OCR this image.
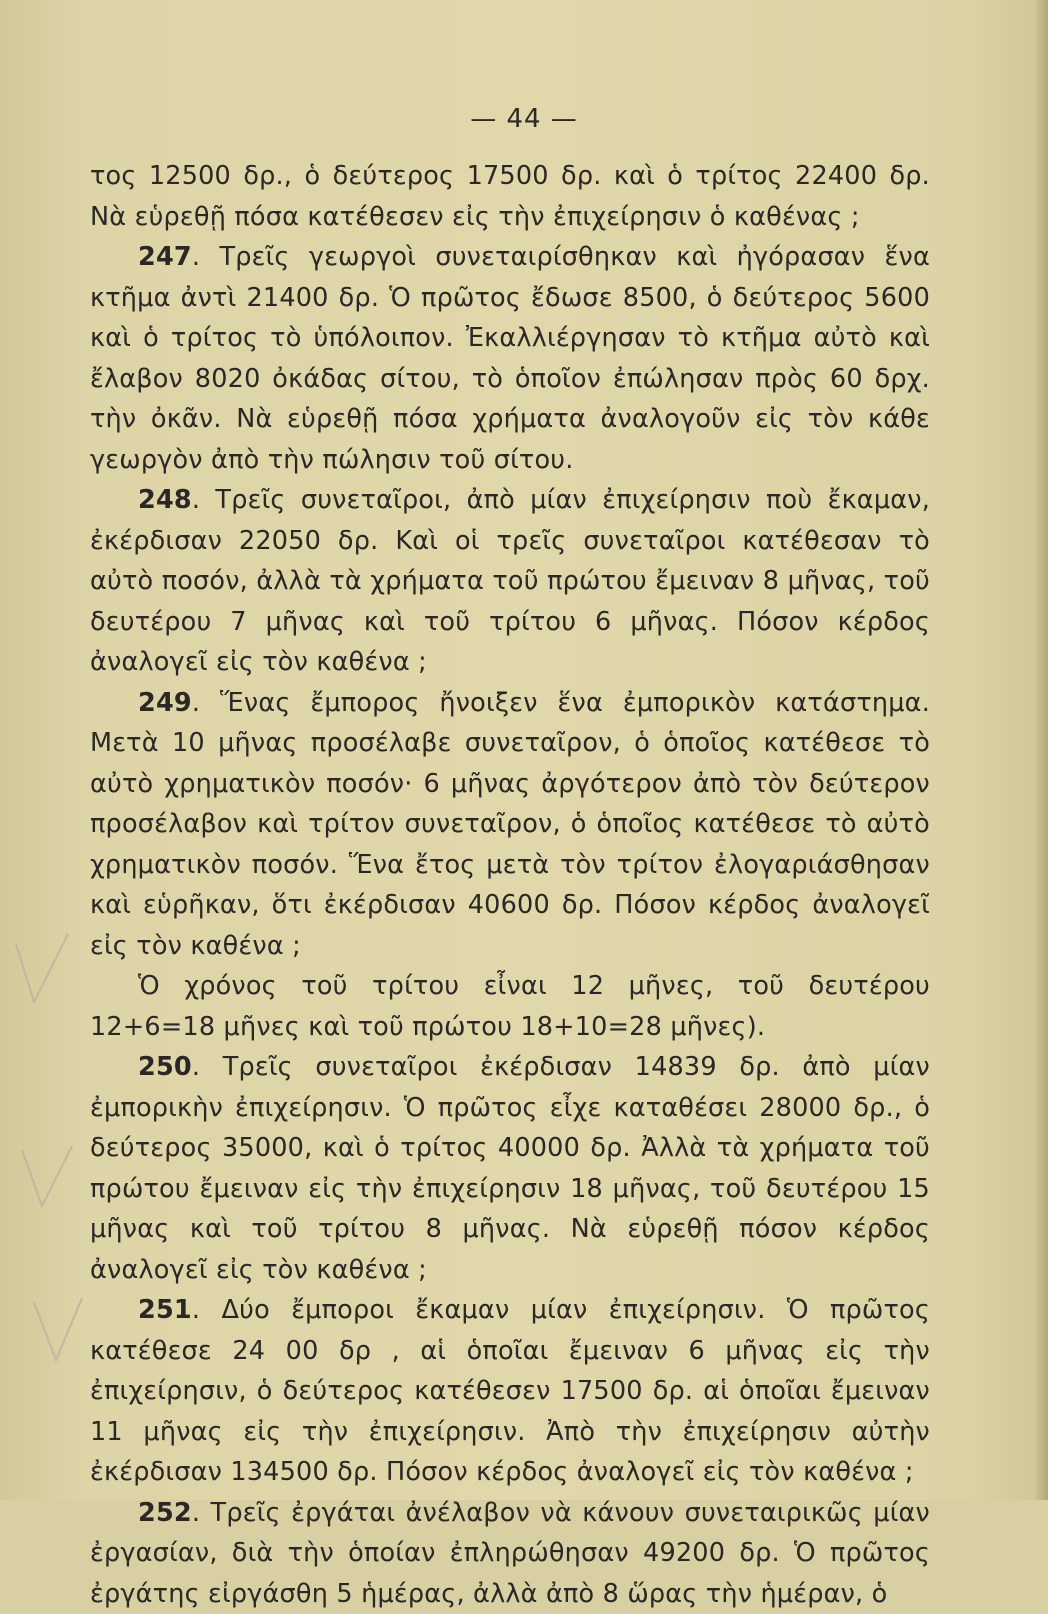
— 44 —

τος 12500 δρ., ὁ δεύτερος 17500 δρ. καὶ ὁ τρίτος 22400 δρ. Νὰ εὑρεθῇ πόσα κατέθεσεν εἰς τὴν ἐπιχείρησιν ὁ καθένας ;

247. Τρεῖς γεωργοὶ συνεταιρίσθηκαν καὶ ἠγόρασαν ἕνα κτῆμα ἀντὶ 21400 δρ. Ὁ πρῶτος ἔδωσε 8500, ὁ δεύτερος 5600 καὶ ὁ τρίτος τὸ ὑπόλοιπον. Ἐκαλλιέργησαν τὸ κτῆμα αὐτὸ καὶ ἔλαβον 8020 ὀκάδας σίτου, τὸ ὁποῖον ἐπώλησαν πρὸς 60 δρχ. τὴν ὀκᾶν. Νὰ εὑρεθῇ πόσα χρήματα ἀναλογοῦν εἰς τὸν κάθε γεωργὸν ἀπὸ τὴν πώλησιν τοῦ σίτου.

248. Τρεῖς συνεταῖροι, ἀπὸ μίαν ἐπιχείρησιν ποὺ ἔκαμαν, ἐκέρδισαν 22050 δρ. Καὶ οἱ τρεῖς συνεταῖροι κατέθεσαν τὸ αὐτὸ ποσόν, ἀλλὰ τὰ χρήματα τοῦ πρώτου ἔμειναν 8 μῆνας, τοῦ δευτέρου 7 μῆνας καὶ τοῦ τρίτου 6 μῆνας. Πόσον κέρδος ἀναλογεῖ εἰς τὸν καθένα ;

249. Ἕνας ἔμπορος ἤνοιξεν ἕνα ἐμπορικὸν κατάστημα. Μετὰ 10 μῆνας προσέλαβε συνεταῖρον, ὁ ὁποῖος κατέθεσε τὸ αὐτὸ χρηματικὸν ποσόν· 6 μῆνας ἀργότερον ἀπὸ τὸν δεύτερον προσέλαβον καὶ τρίτον συνεταῖρον, ὁ ὁποῖος κατέθεσε τὸ αὐτὸ χρηματικὸν ποσόν. Ἕνα ἔτος μετὰ τὸν τρίτον ἐλογαριάσθησαν καὶ εὑρῆκαν, ὅτι ἐκέρδισαν 40600 δρ. Πόσον κέρδος ἀναλογεῖ εἰς τὸν καθένα ;

Ὁ χρόνος τοῦ τρίτου εἶναι 12 μῆνες, τοῦ δευτέρου 12+6=18 μῆνες καὶ τοῦ πρώτου 18+10=28 μῆνες).

250. Τρεῖς συνεταῖροι ἐκέρδισαν 14839 δρ. ἀπὸ μίαν ἐμπορικὴν ἐπιχείρησιν. Ὁ πρῶτος εἶχε καταθέσει 28000 δρ., ὁ δεύτερος 35000, καὶ ὁ τρίτος 40000 δρ. Ἀλλὰ τὰ χρήματα τοῦ πρώτου ἔμειναν εἰς τὴν ἐπιχείρησιν 18 μῆνας, τοῦ δευτέρου 15 μῆνας καὶ τοῦ τρίτου 8 μῆνας. Νὰ εὑρεθῇ πόσον κέρδος ἀναλογεῖ εἰς τὸν καθένα ;

251. Δύο ἔμποροι ἔκαμαν μίαν ἐπιχείρησιν. Ὁ πρῶτος κατέθεσε 24 00 δρ , αἱ ὁποῖαι ἔμειναν 6 μῆνας εἰς τὴν ἐπιχείρησιν, ὁ δεύτερος κατέθεσεν 17500 δρ. αἱ ὁποῖαι ἔμειναν 11 μῆνας εἰς τὴν ἐπιχείρησιν. Ἀπὸ τὴν ἐπιχείρησιν αὐτὴν ἐκέρδισαν 134500 δρ. Πόσον κέρδος ἀναλογεῖ εἰς τὸν καθένα ;

252. Τρεῖς ἐργάται ἀνέλαβον νὰ κάνουν συνεταιρικῶς μίαν ἐργασίαν, διὰ τὴν ὁποίαν ἐπληρώθησαν 49200 δρ. Ὁ πρῶτος ἐργάτης εἰργάσθη 5 ἡμέρας, ἀλλὰ ἀπὸ 8 ὥρας τὴν ἡμέραν, ὁ
